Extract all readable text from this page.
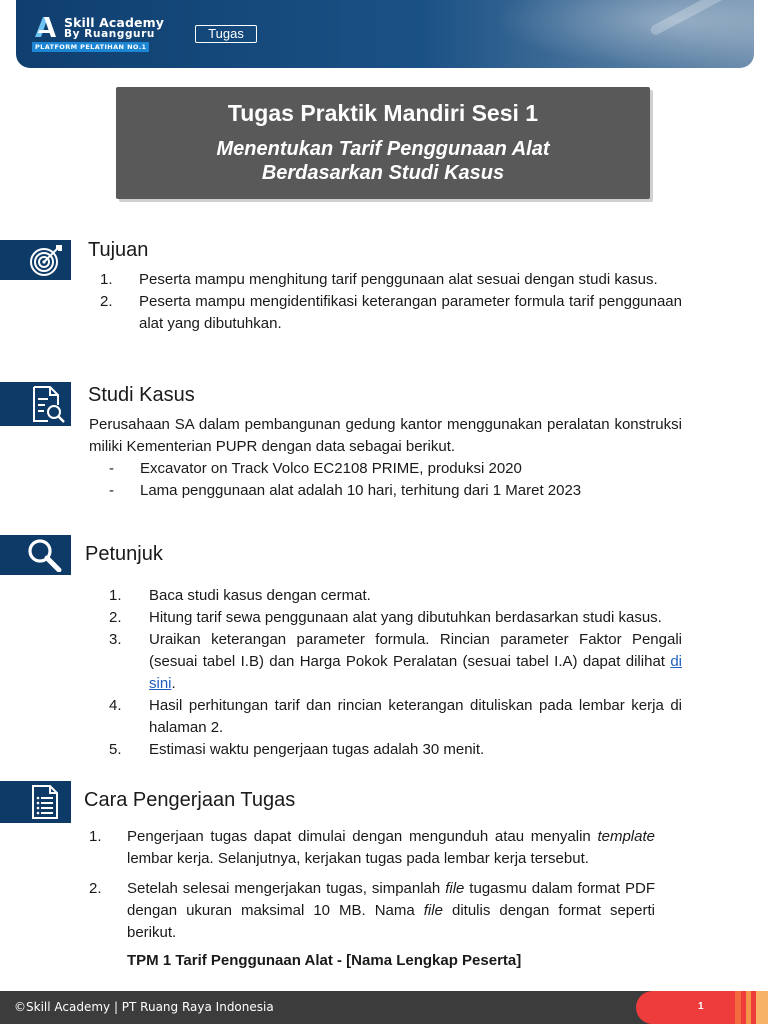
Skill Academy
By Ruangguru
PLATFORM PELATIHAN NO.1
Tugas
Tugas Praktik Mandiri Sesi 1
Menentukan Tarif Penggunaan Alat
Berdasarkan Studi Kasus
Tujuan
1.	Peserta mampu menghitung tarif penggunaan alat sesuai dengan studi kasus.
2.	Peserta mampu mengidentifikasi keterangan parameter formula tarif penggunaan alat yang dibutuhkan.
Studi Kasus
Perusahaan SA dalam pembangunan gedung kantor menggunakan peralatan konstruksi miliki Kementerian PUPR dengan data sebagai berikut.
-	Excavator on Track Volco EC2108 PRIME, produksi 2020
-	Lama penggunaan alat adalah 10 hari, terhitung dari 1 Maret 2023
Petunjuk
1.	Baca studi kasus dengan cermat.
2.	Hitung tarif sewa penggunaan alat yang dibutuhkan berdasarkan studi kasus.
3.	Uraikan keterangan parameter formula. Rincian parameter Faktor Pengali (sesuai tabel I.B) dan Harga Pokok Peralatan (sesuai tabel I.A) dapat dilihat di sini.
4.	Hasil perhitungan tarif dan rincian keterangan dituliskan pada lembar kerja di halaman 2.
5.	Estimasi waktu pengerjaan tugas adalah 30 menit.
Cara Pengerjaan Tugas
1.	Pengerjaan tugas dapat dimulai dengan mengunduh atau menyalin template lembar kerja. Selanjutnya, kerjakan tugas pada lembar kerja tersebut.
2.	Setelah selesai mengerjakan tugas, simpanlah file tugasmu dalam format PDF dengan ukuran maksimal 10 MB. Nama file ditulis dengan format seperti berikut.
TPM 1 Tarif Penggunaan Alat - [Nama Lengkap Peserta]
©Skill Academy | PT Ruang Raya Indonesia	1
